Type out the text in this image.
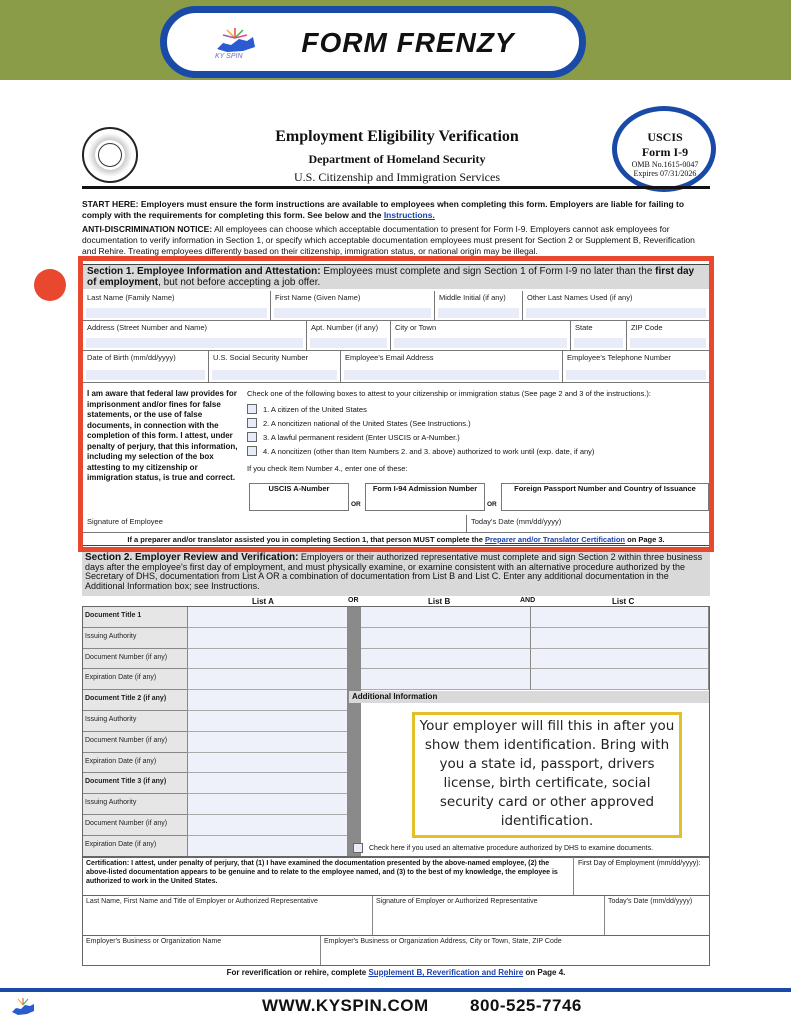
KY SPIN	FORM FRENZY
Employment Eligibility Verification
Department of Homeland Security
U.S. Citizenship and Immigration Services
USCIS
Form I-9
OMB No.1615-0047
Expires 07/31/2026

START HERE: Employers must ensure the form instructions are available to employees when completing this form. Employers are liable for failing to comply with the requirements for completing this form. See below and the Instructions.

ANTI-DISCRIMINATION NOTICE: All employees can choose which acceptable documentation to present for Form I-9. Employers cannot ask employees for documentation to verify information in Section 1, or specify which acceptable documentation employees must present for Section 2 or Supplement B, Reverification and Rehire. Treating employees differently based on their citizenship, immigration status, or national origin may be illegal.

Section 1. Employee Information and Attestation: Employees must complete and sign Section 1 of Form I-9 no later than the first day of employment, but not before accepting a job offer.
Last Name (Family Name)	First Name (Given Name)	Middle Initial (if any)	Other Last Names Used (if any)
Address (Street Number and Name)	Apt. Number (if any)	City or Town	State	ZIP Code
Date of Birth (mm/dd/yyyy)	U.S. Social Security Number	Employee's Email Address	Employee's Telephone Number
I am aware that federal law provides for imprisonment and/or fines for false statements, or the use of false documents, in connection with the completion of this form. I attest, under penalty of perjury, that this information, including my selection of the box attesting to my citizenship or immigration status, is true and correct.
Check one of the following boxes to attest to your citizenship or immigration status (See page 2 and 3 of the instructions.):
1. A citizen of the United States
2. A noncitizen national of the United States (See Instructions.)
3. A lawful permanent resident (Enter USCIS or A-Number.)
4. A noncitizen (other than Item Numbers 2. and 3. above) authorized to work until (exp. date, if any)
If you check Item Number 4., enter one of these:
USCIS A-Number
OR
Form I-94 Admission Number
OR
Foreign Passport Number and Country of Issuance
Signature of Employee	Today's Date (mm/dd/yyyy)
If a preparer and/or translator assisted you in completing Section 1, that person MUST complete the Preparer and/or Translator Certification on Page 3.
Section 2. Employer Review and Verification: Employers or their authorized representative must complete and sign Section 2 within three business days after the employee's first day of employment, and must physically examine, or examine consistent with an alternative procedure authorized by the Secretary of DHS, documentation from List A OR a combination of documentation from List B and List C. Enter any additional documentation in the Additional Information box; see Instructions.
List A	OR	List B	AND	List C
Document Title 1
Issuing Authority
Document Number (if any)
Expiration Date (if any)
Document Title 2 (if any)
Issuing Authority
Document Number (if any)
Expiration Date (if any)
Document Title 3 (if any)
Issuing Authority
Document Number (if any)
Expiration Date (if any)
Additional Information
Check here if you used an alternative procedure authorized by DHS to examine documents.
Certification: I attest, under penalty of perjury, that (1) I have examined the documentation presented by the above-named employee, (2) the above-listed documentation appears to be genuine and to relate to the employee named, and (3) to the best of my knowledge, the employee is authorized to work in the United States.
First Day of Employment (mm/dd/yyyy):
Last Name, First Name and Title of Employer or Authorized Representative	Signature of Employer or Authorized Representative	Today's Date (mm/dd/yyyy)
Employer's Business or Organization Name	Employer's Business or Organization Address, City or Town, State, ZIP Code
For reverification or rehire, complete Supplement B, Reverification and Rehire on Page 4.
Your employer will fill this in after you show them identification. Bring with you a state id, passport, drivers license, birth certificate, social security card or other approved identification.
WWW.KYSPIN.COM 800-525-7746
